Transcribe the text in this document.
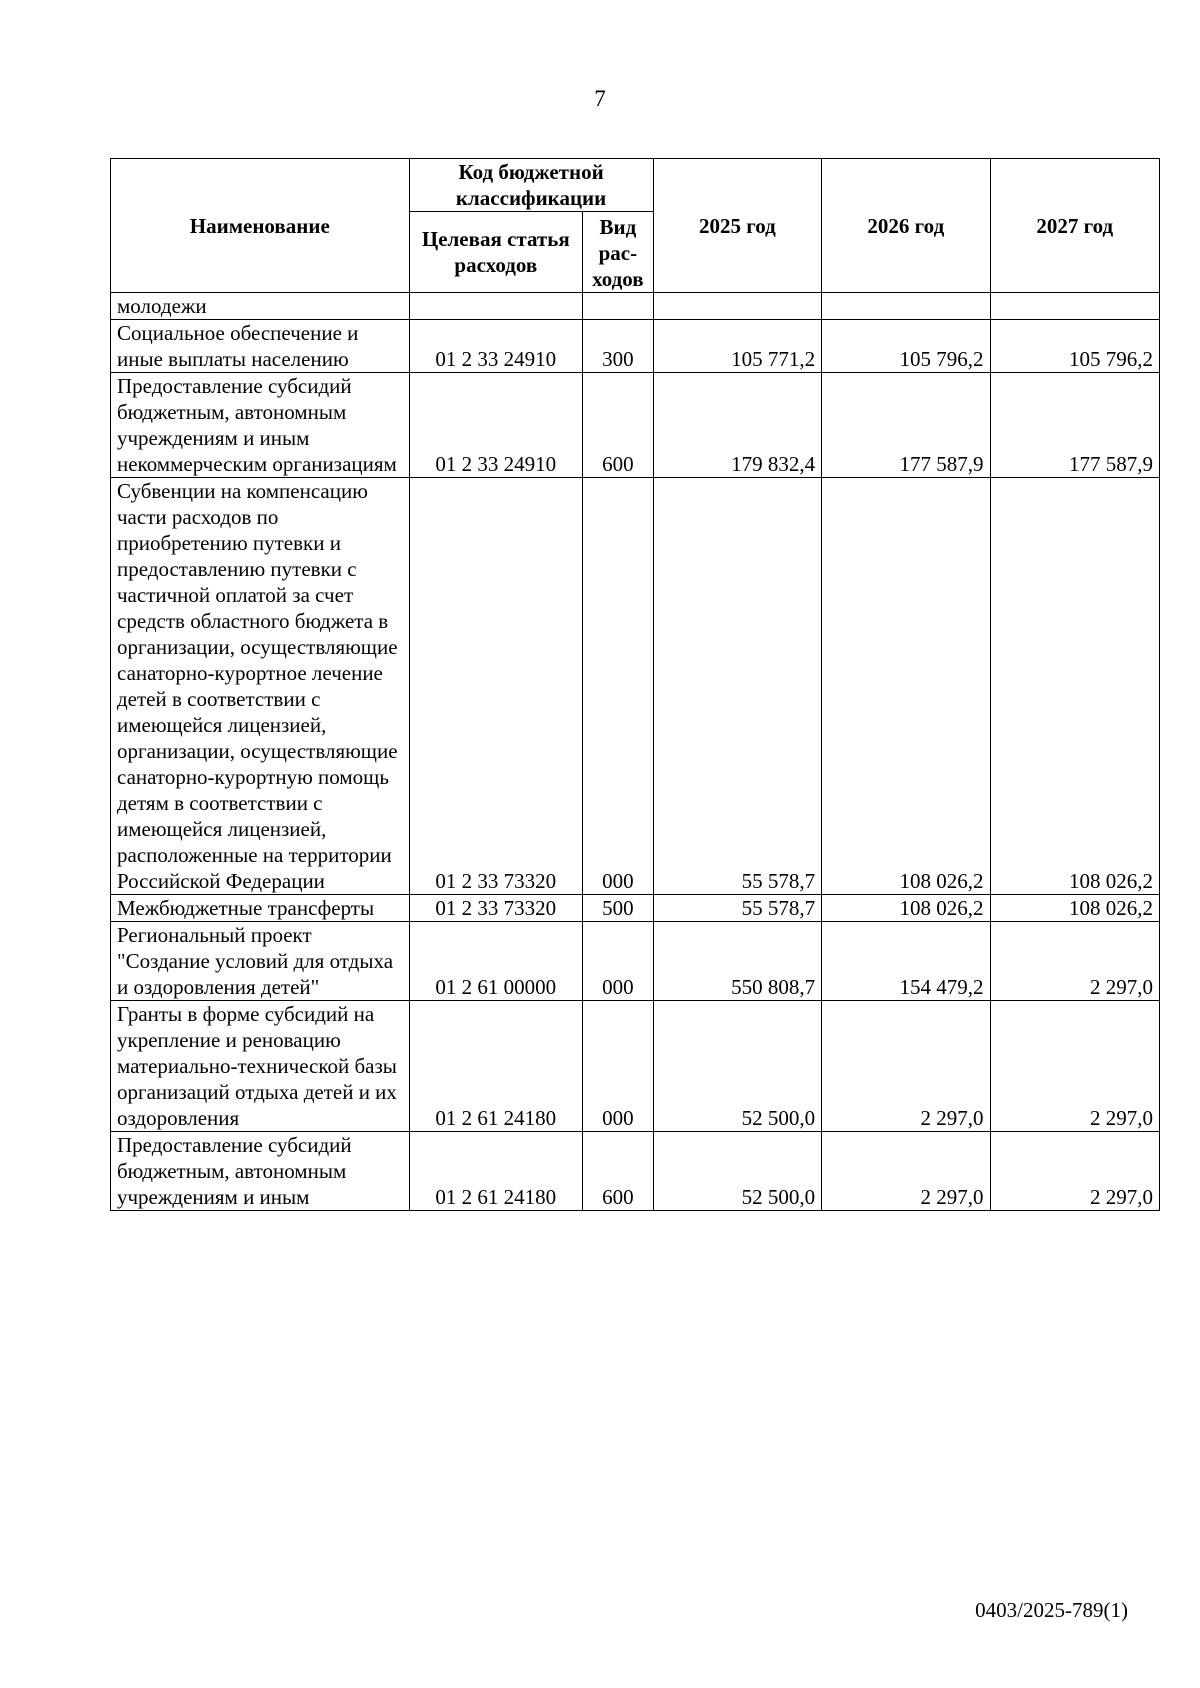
7
Наименование	Код бюджетной классификации		2025 год	2026 год	2027 год
	Целевая статья расходов	Вид рас-ходов			
молодежи					
Социальное обеспечение и иные выплаты населению	01 2 33 24910	300	105 771,2	105 796,2	105 796,2
Предоставление субсидий бюджетным, автономным учреждениям и иным некоммерческим организациям	01 2 33 24910	600	179 832,4	177 587,9	177 587,9
Субвенции на компенсацию части расходов по приобретению путевки и предоставлению путевки с частичной оплатой за счет средств областного бюджета в организации, осуществляющие санаторно-курортное лечение детей в соответствии с имеющейся лицензией, организации, осуществляющие санаторно-курортную помощь детям в соответствии с имеющейся лицензией, расположенные на территории Российской Федерации	01 2 33 73320	000	55 578,7	108 026,2	108 026,2
Межбюджетные трансферты	01 2 33 73320	500	55 578,7	108 026,2	108 026,2
Региональный проект "Создание условий для отдыха и оздоровления детей"	01 2 61 00000	000	550 808,7	154 479,2	2 297,0
Гранты в форме субсидий на укрепление и реновацию материально-технической базы организаций отдыха детей и их оздоровления	01 2 61 24180	000	52 500,0	2 297,0	2 297,0
Предоставление субсидий бюджетным, автономным учреждениям и иным	01 2 61 24180	600	52 500,0	2 297,0	2 297,0
0403/2025-789(1)
